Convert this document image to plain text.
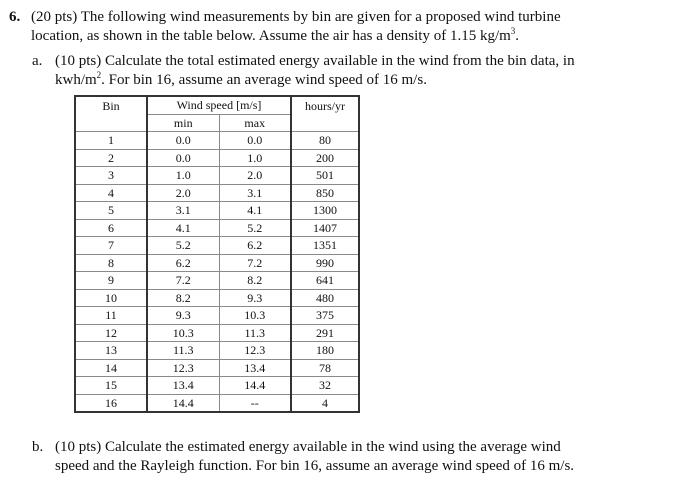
6. (20 pts) The following wind measurements by bin are given for a proposed wind turbine
location, as shown in the table below. Assume the air has a density of 1.15 $kg/m^3$.
a. (10 pts) Calculate the total estimated energy available in the wind from the bin data, in
kwh/$m^2$. For bin 16, assume an average wind speed of 16 m/s.
Bin	Wind speed [m/s]		hours/yr
	min	max	
1	0.0	0.0	80
2	0.0	1.0	200
3	1.0	2.0	501
4	2.0	3.1	850
5	3.1	4.1	1300
6	4.1	5.2	1407
7	5.2	6.2	1351
8	6.2	7.2	990
9	7.2	8.2	641
10	8.2	9.3	480
11	9.3	10.3	375
12	10.3	11.3	291
13	11.3	12.3	180
14	12.3	13.4	78
15	13.4	14.4	32
16	14.4	--	4
b. (10 pts) Calculate the estimated energy available in the wind using the average wind
speed and the Rayleigh function. For bin 16, assume an average wind speed of 16 m/s.
